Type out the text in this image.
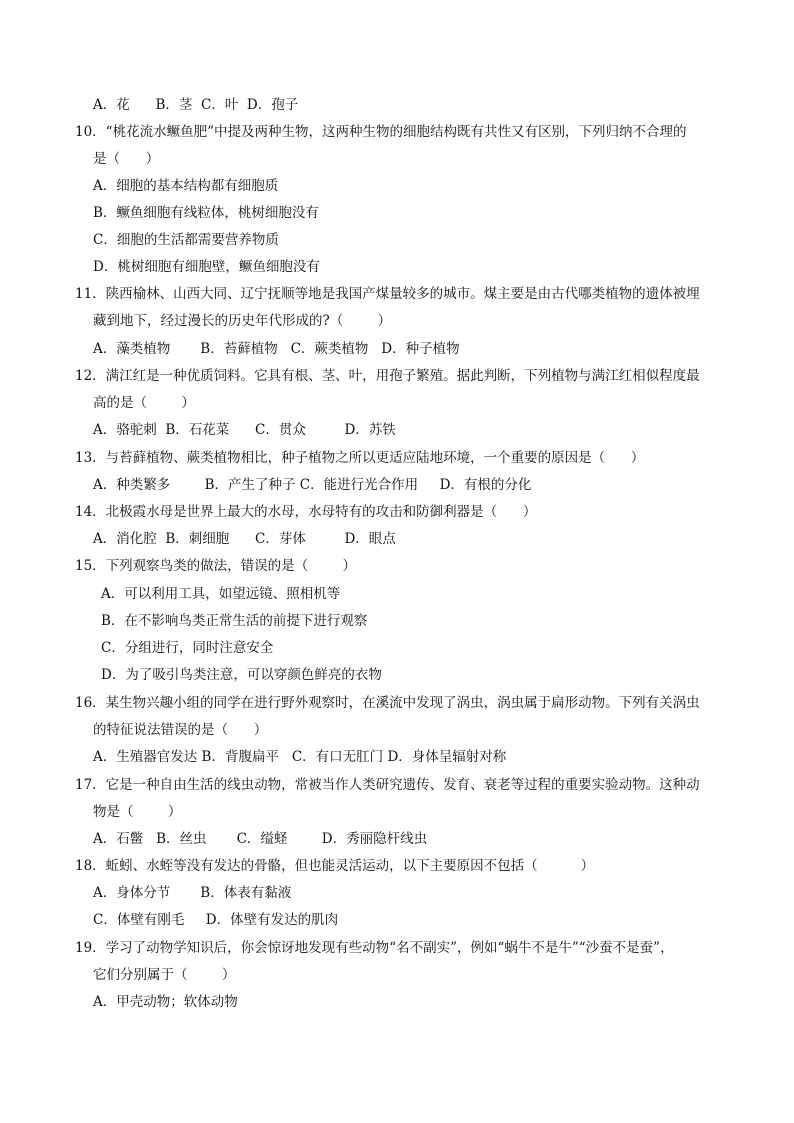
A．花      B．茎  C．叶  D．孢子
10．“桃花流水鳜鱼肥”中提及两种生物，这两种生物的细胞结构既有共性又有区别，下列归纳不合理的
是（      ）
A．细胞的基本结构都有细胞质
B．鳜鱼细胞有线粒体，桃树细胞没有
C．细胞的生活都需要营养物质
D．桃树细胞有细胞壁，鳜鱼细胞没有
11．陕西榆林、山西大同、辽宁抚顺等地是我国产煤量较多的城市。煤主要是由古代哪类植物的遗体被埋
藏到地下，经过漫长的历史年代形成的?（        ）
A．藻类植物       B．苔藓植物   C．蕨类植物   D．种子植物
12．满江红是一种优质饲料。它具有根、茎、叶，用孢子繁殖。据此判断，下列植物与满江红相似程度最
高的是（        ）
A．骆驼刺  B．石花菜      C．贯众         D．苏铁
13．与苔藓植物、蕨类植物相比，种子植物之所以更适应陆地环境，一个重要的原因是（      ）
A．种类繁多        B．产生了种子 C．能进行光合作用     D．有根的分化
14．北极霞水母是世界上最大的水母，水母特有的攻击和防御利器是（      ）
A．消化腔  B．刺细胞      C．芽体         D．眼点
15．下列观察鸟类的做法，错误的是（        ）
A．可以利用工具，如望远镜、照相机等
B．在不影响鸟类正常生活的前提下进行观察
C．分组进行，同时注意安全
D．为了吸引鸟类注意，可以穿颜色鲜亮的衣物
16．某生物兴趣小组的同学在进行野外观察时，在溪流中发现了涡虫，涡虫属于扁形动物。下列有关涡虫
的特征说法错误的是（      ）
A．生殖器官发达 B．背腹扁平   C．有口无肛门 D．身体呈辐射对称
17．它是一种自由生活的线虫动物，常被当作人类研究遗传、发育、衰老等过程的重要实验动物。这种动
物是（        ）
A．石鳖   B．丝虫       C．缢蛏        D．秀丽隐杆线虫
18．蚯蚓、水蛭等没有发达的骨骼，但也能灵活运动，以下主要原因不包括（          ）
A．身体分节       B．体表有黏液
C．体壁有刚毛     D．体壁有发达的肌肉
19．学习了动物学知识后，你会惊讶地发现有些动物“名不副实”，例如“蜗牛不是牛”“沙蚕不是蚕”，
它们分别属于（        ）
A．甲壳动物；软体动物
